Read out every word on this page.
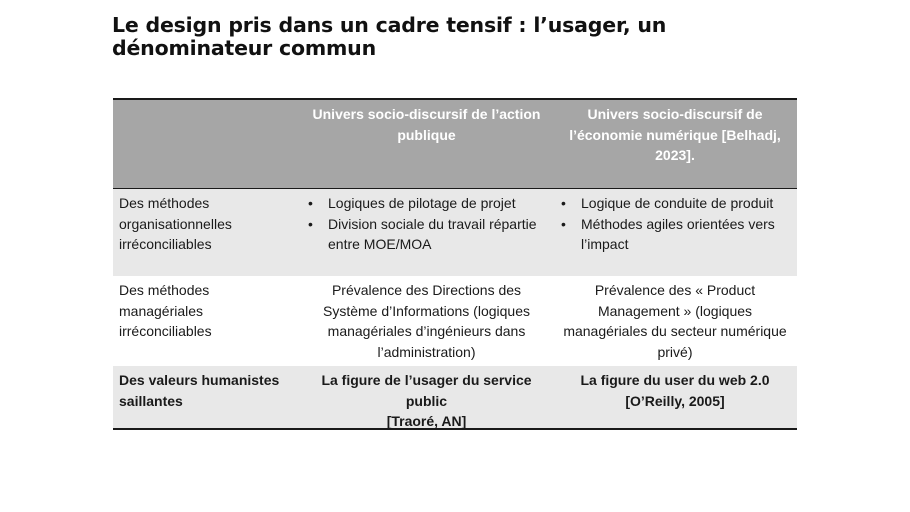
Le design pris dans un cadre tensif : l’usager, un dénominateur commun
Univers socio-discursif de l’action publique
Univers socio-discursif de l’économie numérique [Belhadj, 2023].
Des méthodes organisationnelles irréconciliables
• Logiques de pilotage de projet
• Division sociale du travail répartie entre MOE/MOA
• Logique de conduite de produit
• Méthodes agiles orientées vers l’impact
Des méthodes managériales irréconciliables
Prévalence des Directions des Système d’Informations (logiques managériales d’ingénieurs dans l’administration)
Prévalence des « Product Management » (logiques managériales du secteur numérique privé)
Des valeurs humanistes saillantes
La figure de l’usager du service public
[Traoré, AN]
La figure du user du web 2.0
[O’Reilly, 2005]
